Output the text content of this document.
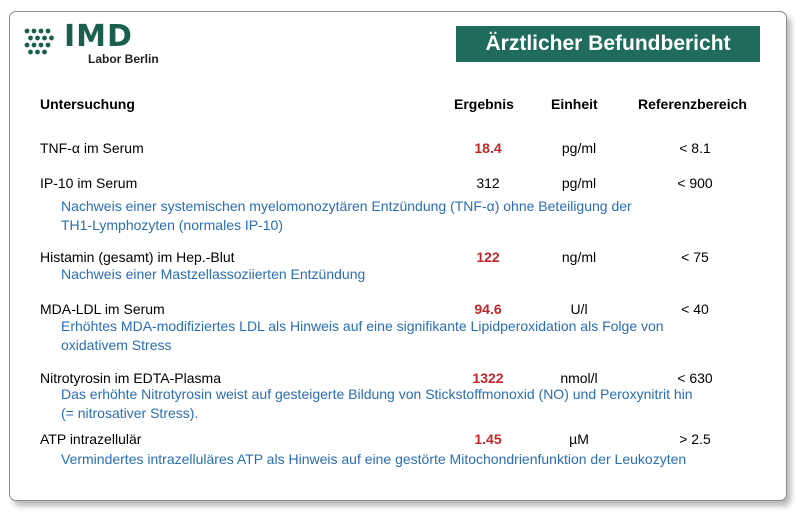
IMD
Labor Berlin
Ärztlicher Befundbericht
Untersuchung	Ergebnis	Einheit	Referenzbereich
TNF-α im Serum	18.4	pg/ml	< 8.1
IP-10 im Serum	312	pg/ml	< 900
Nachweis einer systemischen myelomonozytären Entzündung (TNF-α) ohne Beteiligung der
TH1-Lymphozyten (normales IP-10)
Histamin (gesamt) im Hep.-Blut	122	ng/ml	< 75
Nachweis einer Mastzellassoziierten Entzündung
MDA-LDL im Serum	94.6	U/l	< 40
Erhöhtes MDA-modifiziertes LDL als Hinweis auf eine signifikante Lipidperoxidation als Folge von
oxidativem Stress
Nitrotyrosin im EDTA-Plasma	1322	nmol/l	< 630
Das erhöhte Nitrotyrosin weist auf gesteigerte Bildung von Stickstoffmonoxid (NO) und Peroxynitrit hin
(= nitrosativer Stress).
ATP intrazellulär	1.45	µM	> 2.5
Vermindertes intrazelluläres ATP als Hinweis auf eine gestörte Mitochondrienfunktion der Leukozyten
